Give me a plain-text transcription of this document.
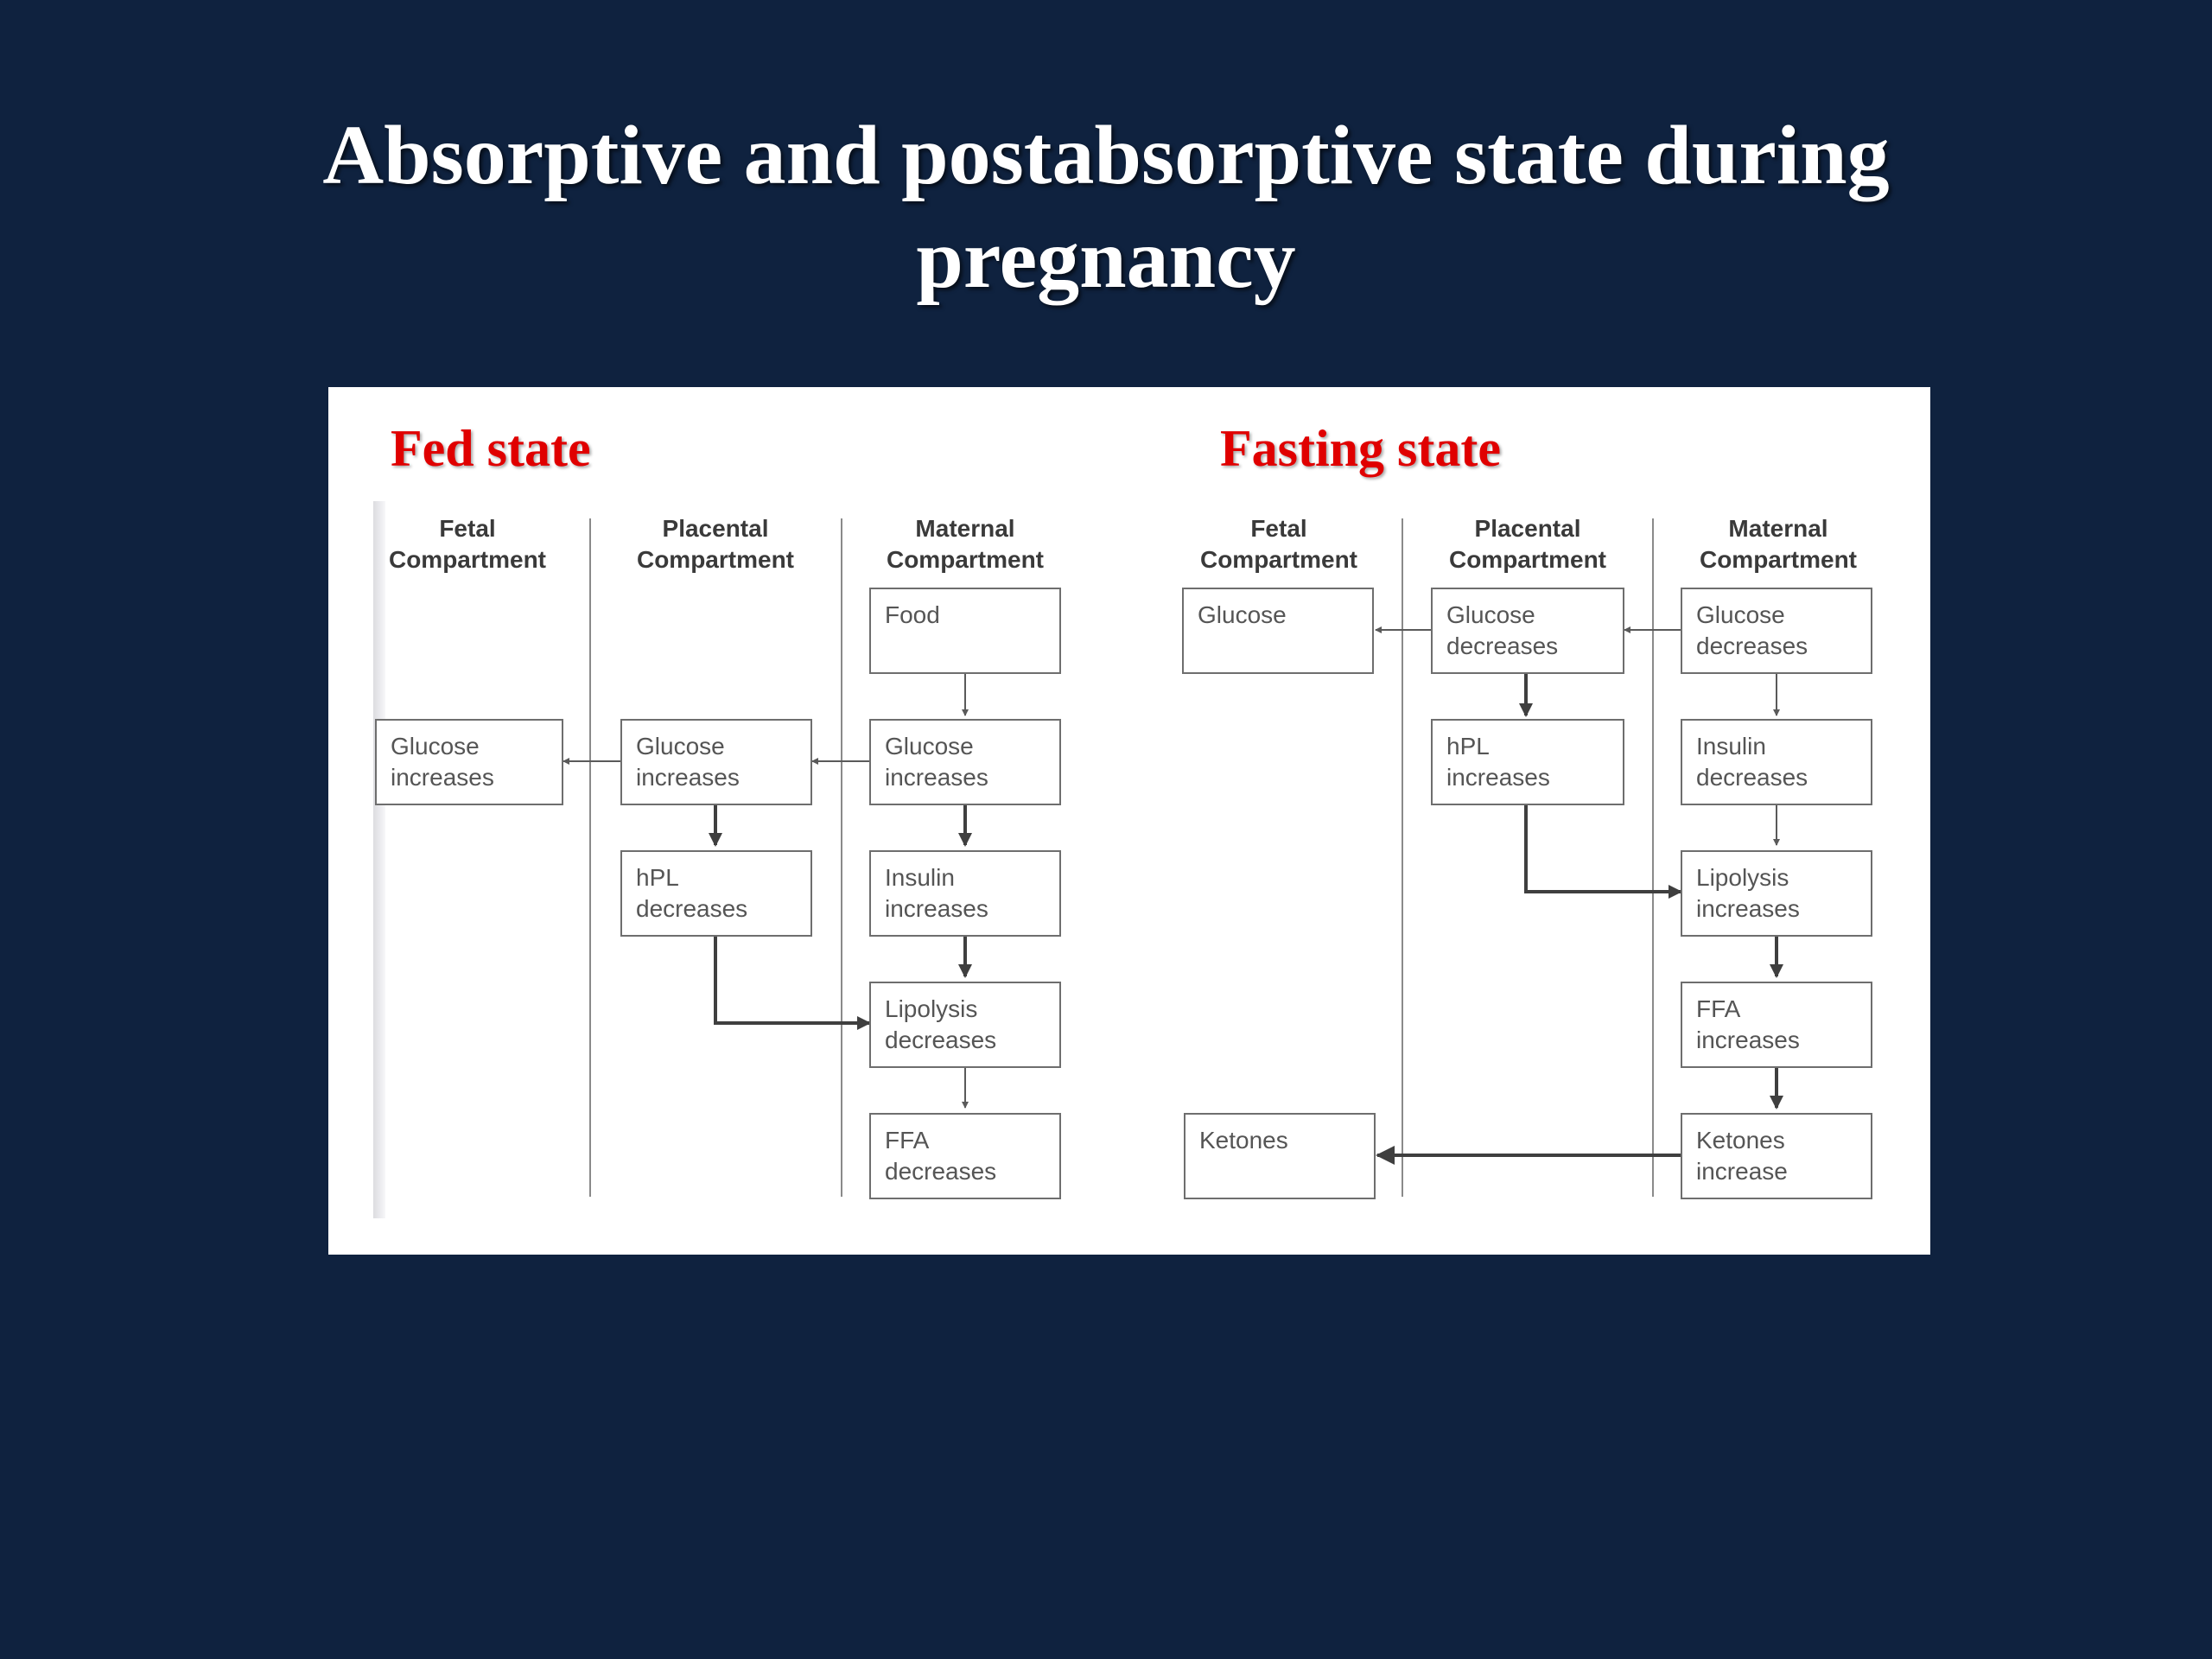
Absorptive and postabsorptive state during
pregnancy
Fed state	Fasting state
Fetal
Compartment
Placental
Compartment
Maternal
Compartment
Fetal
Compartment
Placental
Compartment
Maternal
Compartment
Food
Glucose
increases
Insulin
increases
Lipolysis
decreases
FFA
decreases
Glucose
increases
hPL
decreases
Glucose
increases
Glucose
decreases
Insulin
decreases
Lipolysis
increases
FFA
increases
Ketones
increase
Glucose
decreases
hPL
increases
Glucose
Ketones
